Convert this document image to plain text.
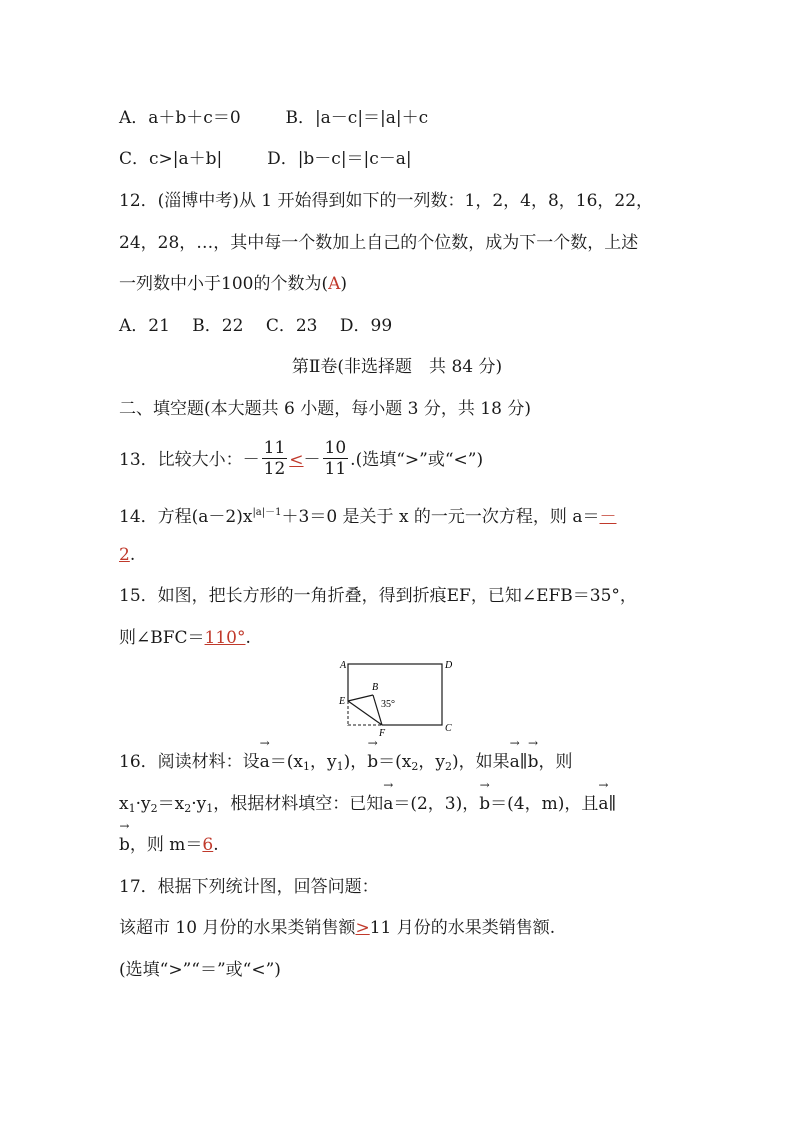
A．a＋b＋c＝0	B．|a－c|＝|a|＋c
C．c>|a＋b|	D．|b－c|＝|c－a|
12．(淄博中考)从 1 开始得到如下的一列数：1，2，4，8，16，22，
24，28，…，其中每一个数加上自己的个位数，成为下一个数，上述
一列数中小于100的个数为(A)
A．21　 B．22　 C．23　 D．99
第Ⅱ卷(非选择题　共 84 分)
二、填空题(本大题共 6 小题，每小题 3 分，共 18 分)
13．比较大小：－ $\frac{11}{12} <- \frac{10}{11}$ .(选填“>”或“<”)
14．方程$(a-2)x^{|a|-1}+3=0$ 是关于 x 的一元一次方程，则 a＝－
2.
15．如图，把长方形的一角折叠，得到折痕EF，已知∠EFB＝35°，
则∠BFC＝110°.
A	D
C
E
B
F
35°
16．阅读材料：设
→
$a=(x_1$，$y_1$)，
→
$b=(x_2$，$y_2$)，如果
→
a∥
→
b，则
$x_1\cdot y_2=x_2\cdot y_1$，根据材料填空：已知
→
a＝(2，3)，
→
b＝(4，m)，且
→
a∥
→
b，则 m＝6.
17．根据下列统计图，回答问题：
该超市 10 月份的水果类销售额>11 月份的水果类销售额.
(选填“>”“＝”或“<”)
